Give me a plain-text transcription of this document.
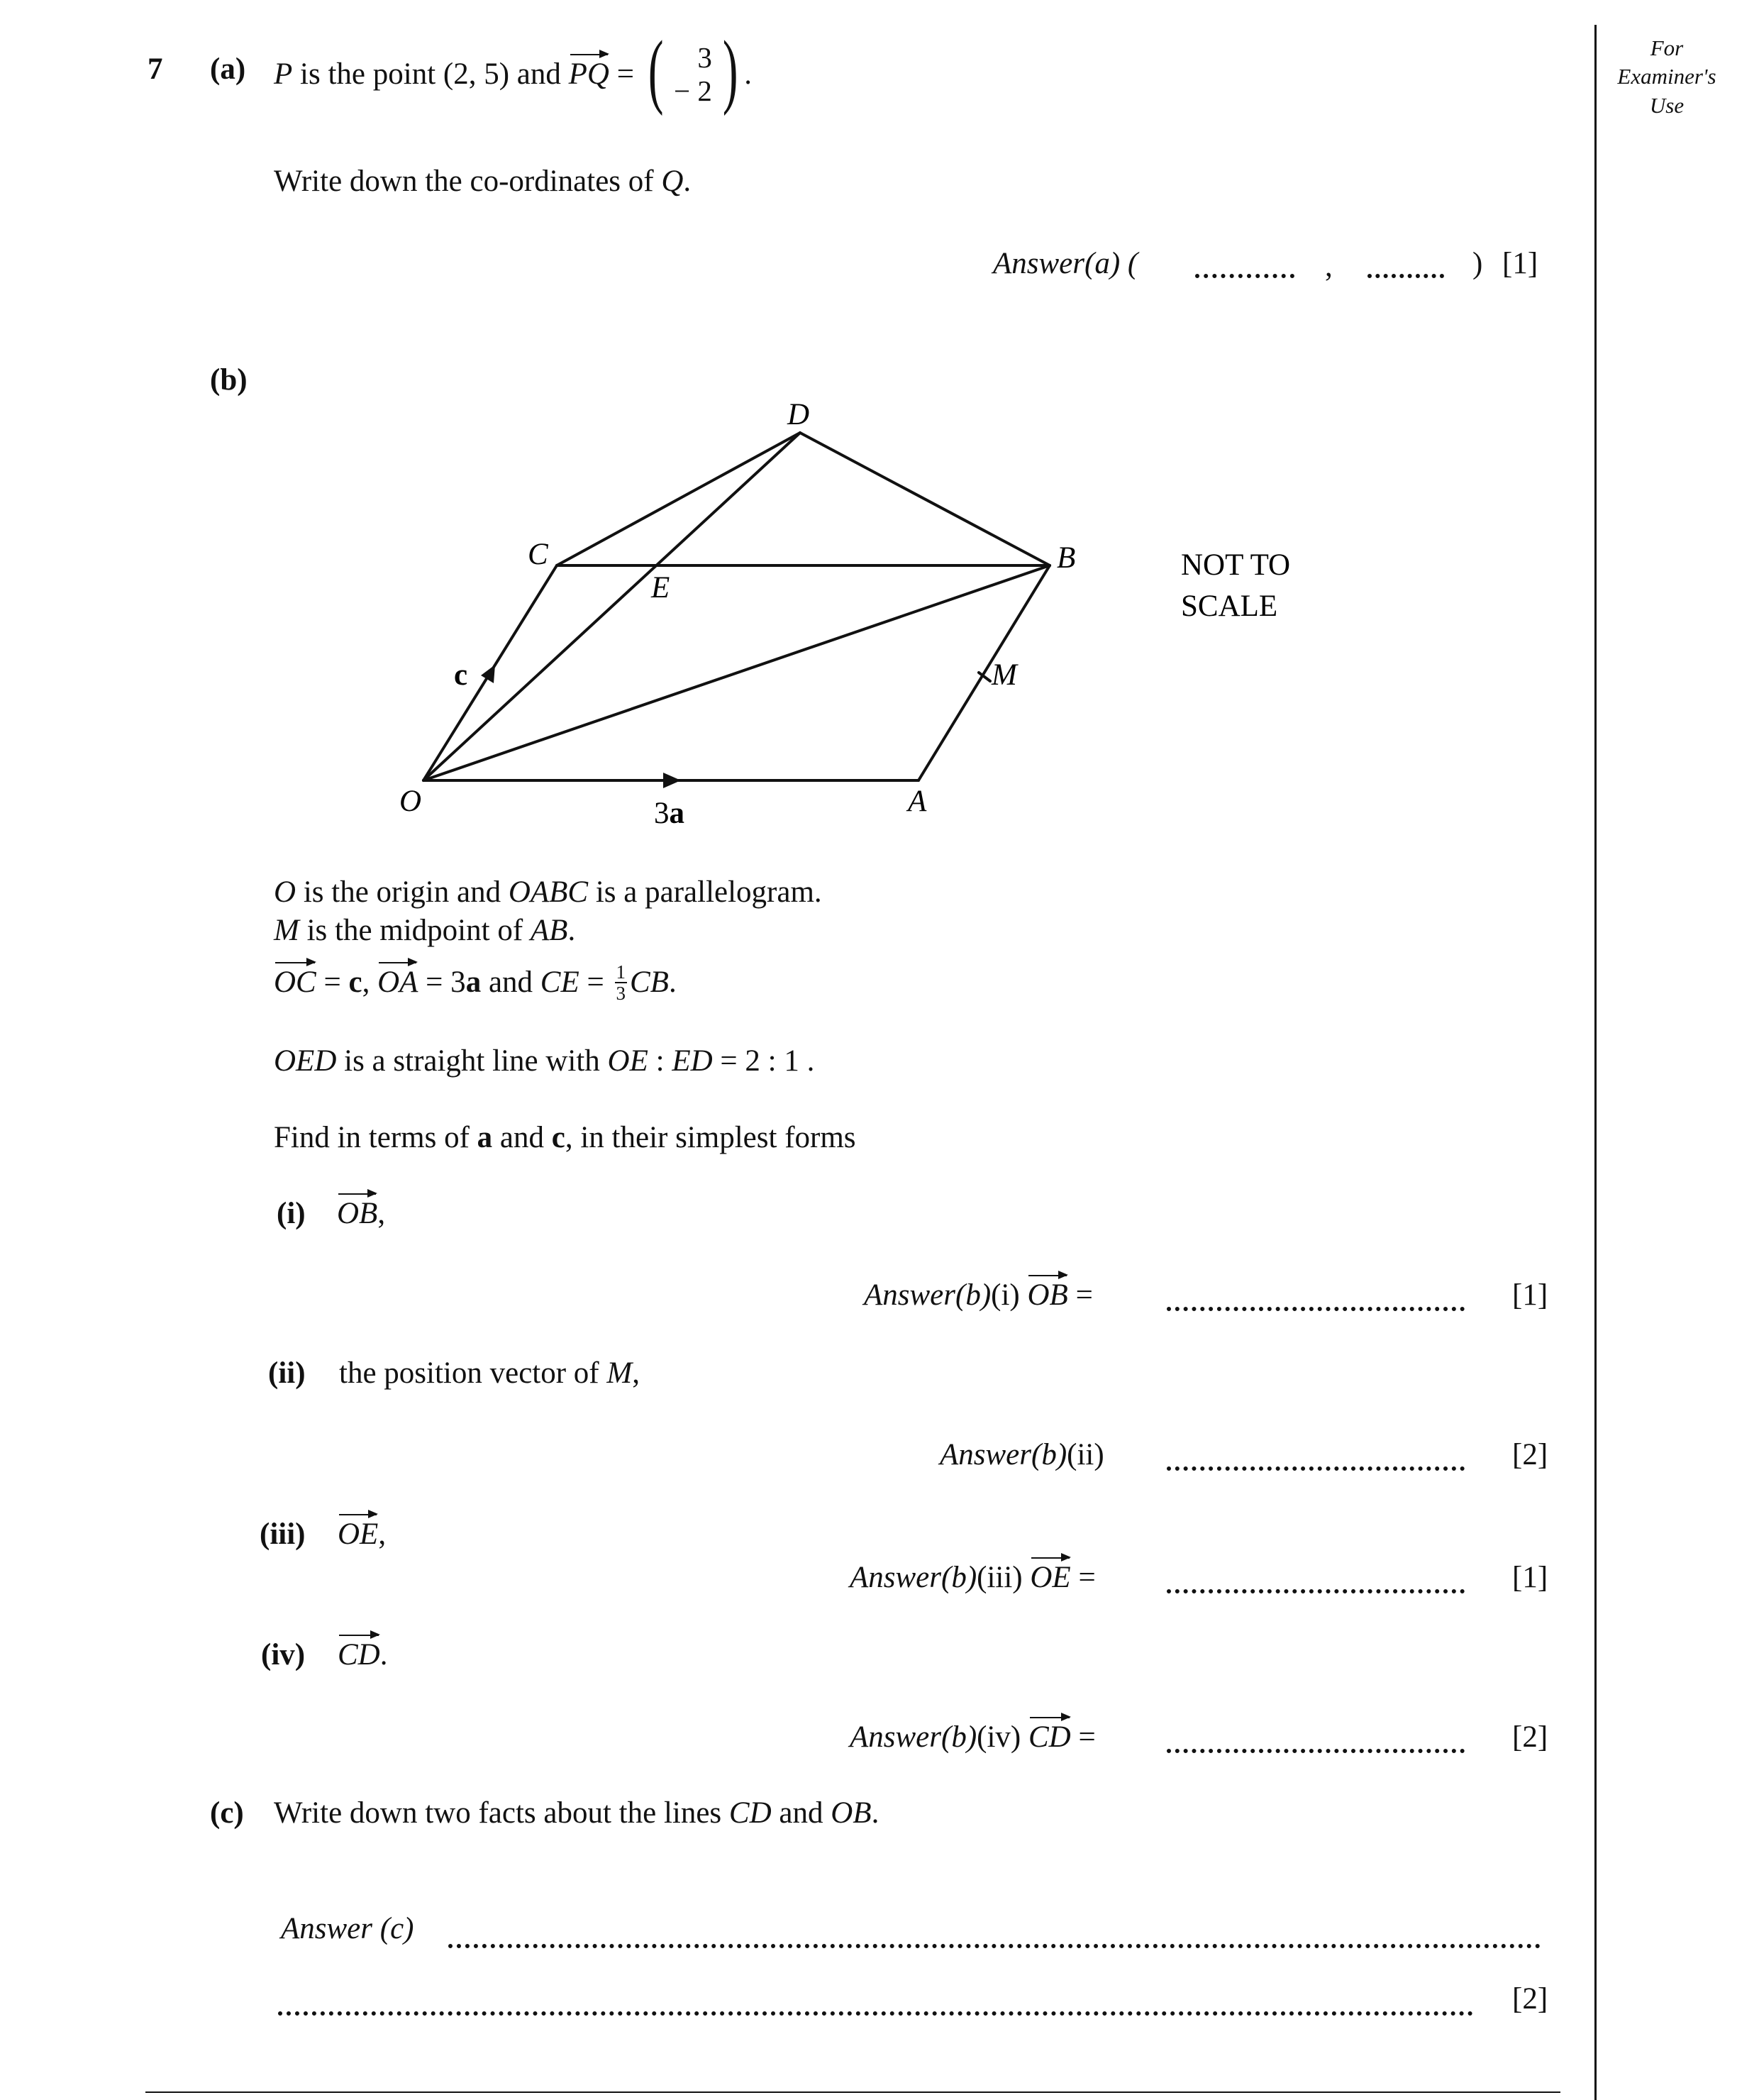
For
Examiner's
Use
7 (a) P is the point (2, 5) and PQ = ( 3
− 2 ) .
Write down the co-ordinates of Q.
Answer(a) (	,	) [1]
(b)
O	A
B
C
D
E
M
c
3a
NOT TO
SCALE
O is the origin and OABC is a parallelogram.
M is the midpoint of AB.
OC = c , OA = 3 a and CE = $\frac{1}{3}$ CB .
OED is a straight line with OE : ED = 2 : 1 .
Find in terms of a and c, in their simplest forms
(i) OB,
Answer(b)(i) OB =	[1]
(ii) the position vector of M,
Answer(b)(ii)	[2]
(iii) OE,
Answer(b)(iii) OE =	[1]
(iv) CD.
Answer(b)(iv) CD =	[2]
(c) Write down two facts about the lines CD and OB.
Answer (c)
[2]
